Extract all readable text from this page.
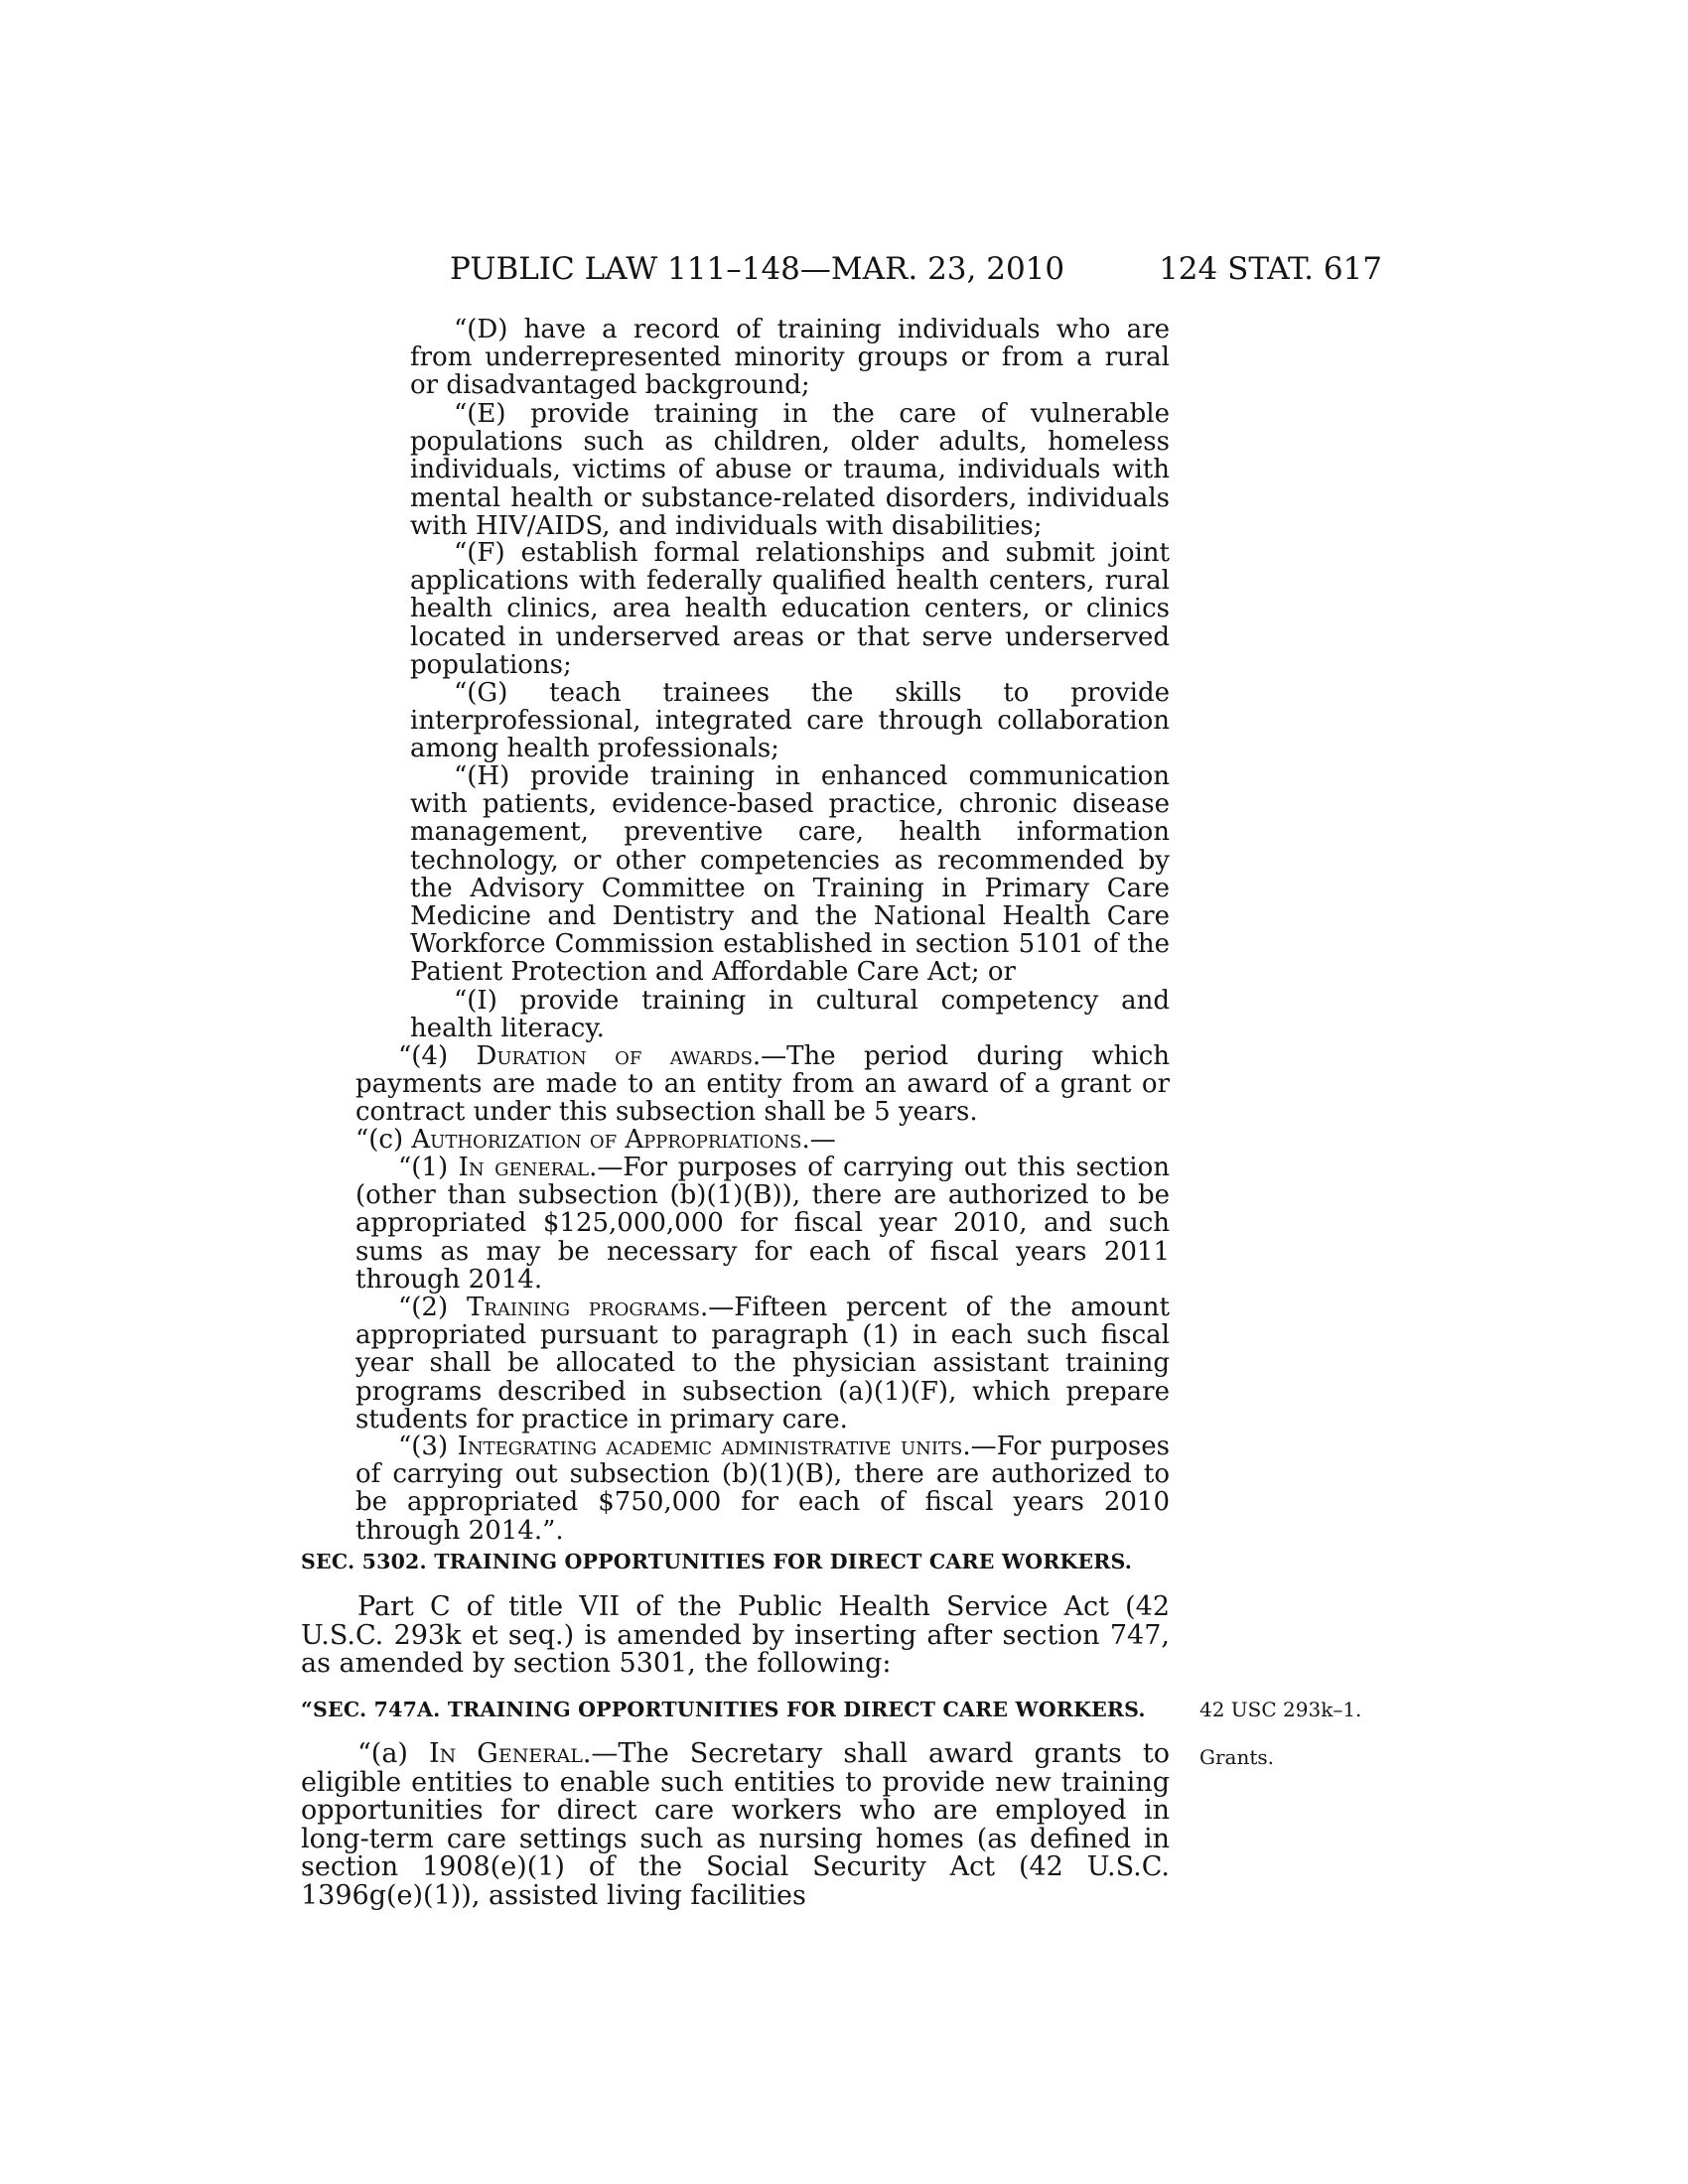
PUBLIC LAW 111–148—MAR. 23, 2010	124 STAT. 617

“(D) have a record of training individuals who are from underrepresented minority groups or from a rural or disadvantaged background;

“(E) provide training in the care of vulnerable populations such as children, older adults, homeless individuals, victims of abuse or trauma, individuals with mental health or substance-related disorders, individuals with HIV/AIDS, and individuals with disabilities;

“(F) establish formal relationships and submit joint applications with federally qualified health centers, rural health clinics, area health education centers, or clinics located in underserved areas or that serve underserved populations;

“(G) teach trainees the skills to provide interprofessional, integrated care through collaboration among health professionals;

“(H) provide training in enhanced communication with patients, evidence-based practice, chronic disease management, preventive care, health information technology, or other competencies as recommended by the Advisory Committee on Training in Primary Care Medicine and Dentistry and the National Health Care Workforce Commission established in section 5101 of the Patient Protection and Affordable Care Act; or

“(I) provide training in cultural competency and health literacy.

“(4) Duration of awards.—The period during which payments are made to an entity from an award of a grant or contract under this subsection shall be 5 years.

“(c) Authorization of Appropriations.—

“(1) In general.—For purposes of carrying out this section (other than subsection (b)(1)(B)), there are authorized to be appropriated $125,000,000 for fiscal year 2010, and such sums as may be necessary for each of fiscal years 2011 through 2014.

“(2) Training programs.—Fifteen percent of the amount appropriated pursuant to paragraph (1) in each such fiscal year shall be allocated to the physician assistant training programs described in subsection (a)(1)(F), which prepare students for practice in primary care.

“(3) Integrating academic administrative units.—For purposes of carrying out subsection (b)(1)(B), there are authorized to be appropriated $750,000 for each of fiscal years 2010 through 2014.”.

SEC. 5302. TRAINING OPPORTUNITIES FOR DIRECT CARE WORKERS.

Part C of title VII of the Public Health Service Act (42 U.S.C. 293k et seq.) is amended by inserting after section 747, as amended by section 5301, the following:

“SEC. 747A. TRAINING OPPORTUNITIES FOR DIRECT CARE WORKERS.	42 USC 293k–1.

“(a) In General.—The Secretary shall award grants to eligible entities to enable such entities to provide new training opportunities for direct care workers who are employed in long-term care settings such as nursing homes (as defined in section 1908(e)(1) of the Social Security Act (42 U.S.C. 1396g(e)(1)), assisted living facilities

Grants.
